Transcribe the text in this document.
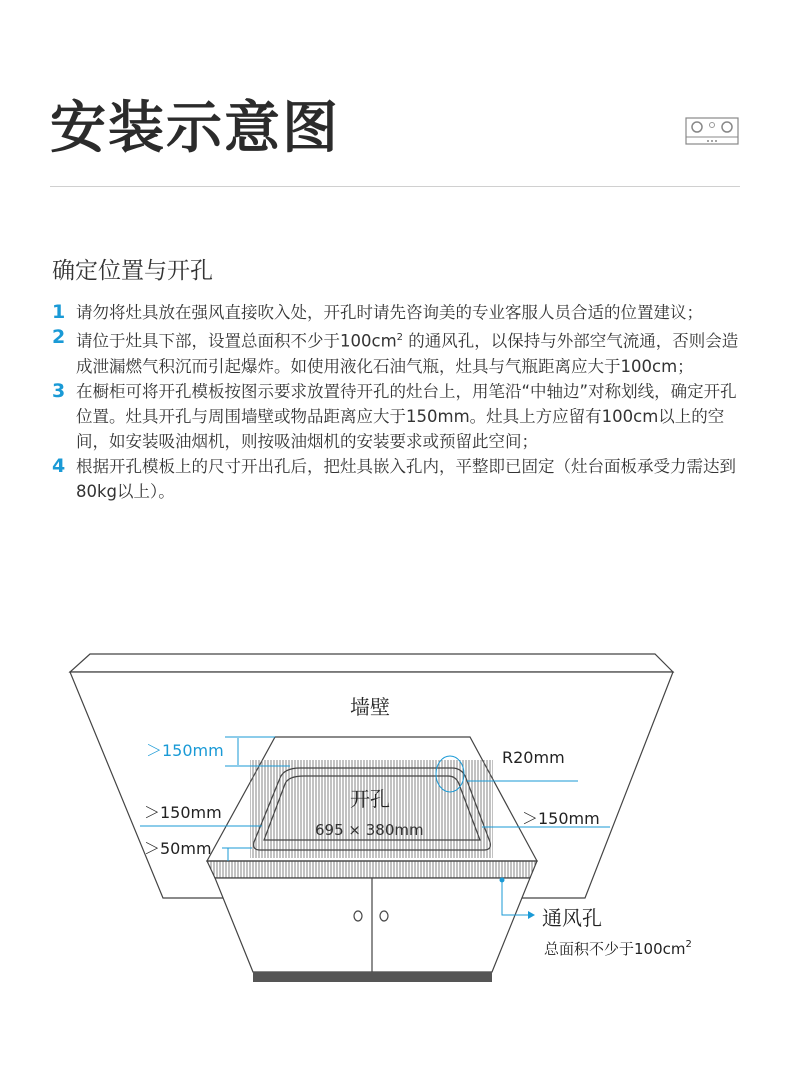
安装示意图
确定位置与开孔
1 请勿将灶具放在强风直接吹入处，开孔时请先咨询美的专业客服人员合适的位置建议；
2 请位于灶具下部，设置总面积不少于$100cm^2$ 的通风孔，以保持与外部空气流通，否则会造成泄漏燃气积沉而引起爆炸。如使用液化石油气瓶，灶具与气瓶距离应大于100cm；
3 在橱柜可将开孔模板按图示要求放置待开孔的灶台上，用笔沿“中轴边”对称划线，确定开孔位置。灶具开孔与周围墙壁或物品距离应大于150mm。灶具上方应留有100cm以上的空间，如安装吸油烟机，则按吸油烟机的安装要求或预留此空间；
4 根据开孔模板上的尺寸开出孔后，把灶具嵌入孔内，平整即已固定（灶台面板承受力需达到80kg以上）。
墙壁
＞150mm
＞150mm
＞50mm
＞150mm
R20mm
开孔
695 × 380mm
通风孔
总面积不少于$100cm^2$
